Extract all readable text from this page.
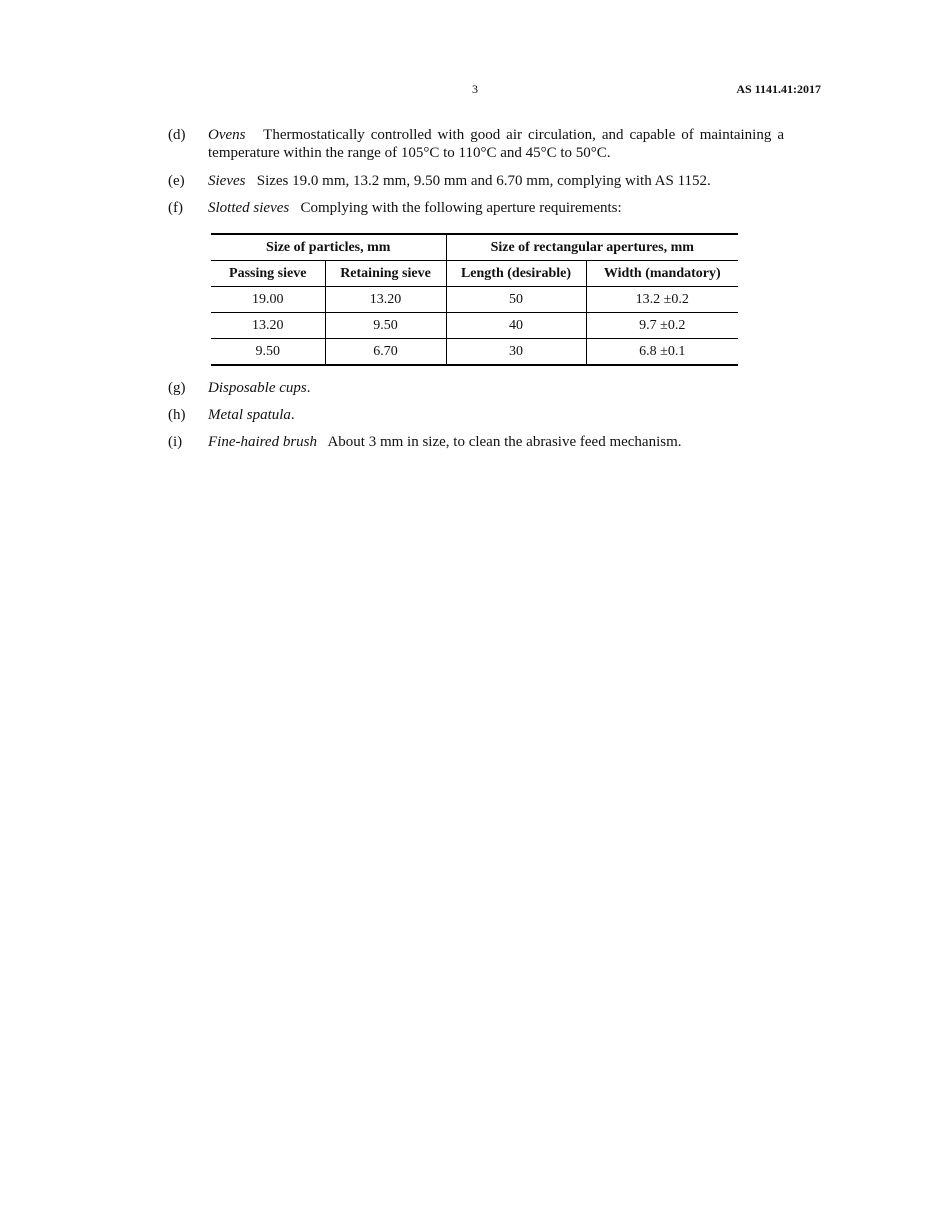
3	AS 1141.41:2017
(d) Ovens Thermostatically controlled with good air circulation, and capable of maintaining a temperature within the range of 105°C to 110°C and 45°C to 50°C.
(e) Sieves Sizes 19.0 mm, 13.2 mm, 9.50 mm and 6.70 mm, complying with AS 1152.
(f) Slotted sieves Complying with the following aperture requirements:
Size of particles, mm		Size of rectangular apertures, mm	
Passing sieve	Retaining sieve	Length (desirable)	Width (mandatory)
19.00	13.20	50	13.2 ±0.2
13.20	9.50	40	9.7 ±0.2
9.50	6.70	30	6.8 ±0.1
(g) Disposable cups.
(h) Metal spatula.
(i) Fine-haired brush About 3 mm in size, to clean the abrasive feed mechanism.
